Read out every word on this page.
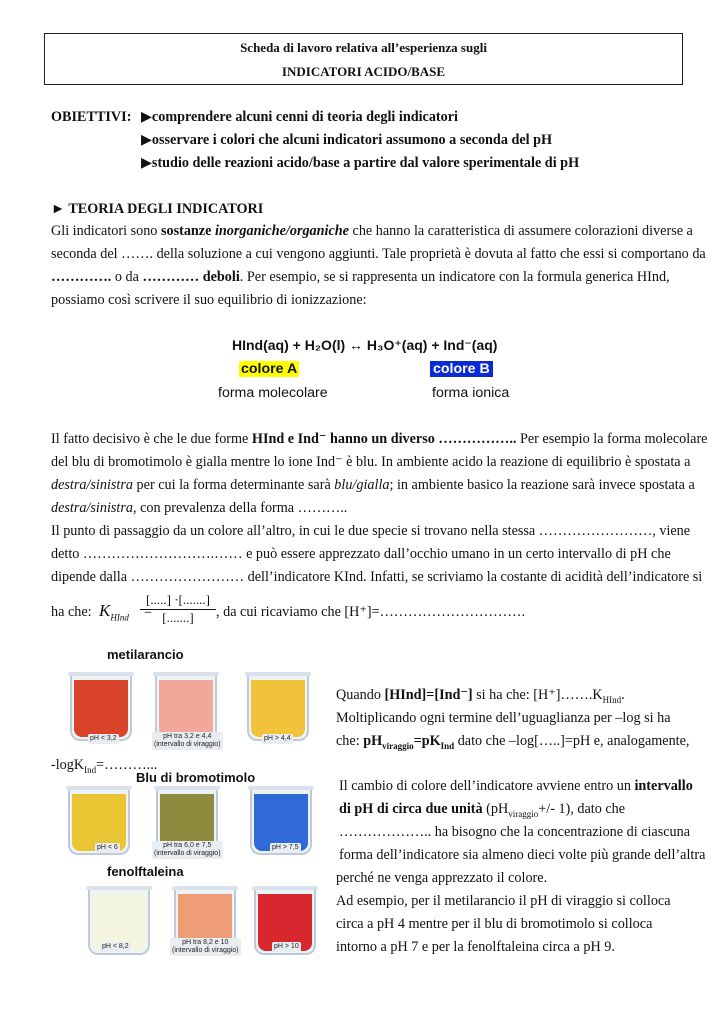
Scheda di lavoro relativa all’esperienza sugli
INDICATORI ACIDO/BASE
OBIETTIVI: ▶comprendere alcuni cenni di teoria degli indicatori
▶osservare i colori che alcuni indicatori assumono a seconda del pH
▶studio delle reazioni acido/base a partire dal valore sperimentale di pH
► TEORIA DEGLI INDICATORI
Gli indicatori sono sostanze inorganiche/organiche che hanno la caratteristica di assumere colorazioni diverse a
seconda del ……. della soluzione a cui vengono aggiunti. Tale proprietà è dovuta al fatto che essi si comportano da
…………. o da ………… deboli. Per esempio, se si rappresenta un indicatore con la formula generica HInd,
possiamo così scrivere il suo equilibrio di ionizzazione:
HInd(aq) + H₂O(l) ↔ H₃O⁺(aq) + Ind⁻(aq)
colore A	colore B
forma molecolare	forma ionica
Il fatto decisivo è che le due forme HInd e Ind⁻ hanno un diverso …………….. Per esempio la forma molecolare
del blu di bromotimolo è gialla mentre lo ione Ind⁻ è blu. In ambiente acido la reazione di equilibrio è spostata a
destra/sinistra per cui la forma determinante sarà blu/gialla; in ambiente basico la reazione sarà invece spostata a
destra/sinistra, con prevalenza della forma ………..
Il punto di passaggio da un colore all’altro, in cui le due specie si trovano nella stessa ……………………, viene
detto ……………………….…… e può essere apprezzato dall’occhio umano in un certo intervallo di pH che
dipende dalla …………………… dell’indicatore KInd. Infatti, se scriviamo la costante di acidità dell’indicatore si
ha che: $K_{HInd}$ =
[.....] ·[.......]
[.......]	, da cui ricaviamo che [H⁺]=………………………….
metilarancio
pH < 3,2	pH tra 3,2 e 4,4
(intervallo di viraggio)
pH > 4,4
Blu di bromotimolo
pH < 6	pH tra 6,0 e 7,5
(intervallo di viraggio)
pH > 7,5
fenolftaleina
pH < 8,2
pH tra 8,2 e 10
(intervallo di viraggio)
pH > 10
Quando [HInd]=[Ind⁻] si ha che: $[H^+]\dots\dots.K_{HInd}$.
Moltiplicando ogni termine dell’uguaglianza per –log si ha
che: $pH_{viraggio}=pK_{Ind}$ dato che –log[…..]=pH e, analogamente,
-logK$_{Ind}$=………...
Il cambio di colore dell’indicatore avviene entro un intervallo
di pH di circa due unità ($pH_{viraggio}+/-$ 1), dato che
……………….. ha bisogno che la concentrazione di ciascuna
forma dell’indicatore sia almeno dieci volte più grande dell’altra
perché ne venga apprezzato il colore.
Ad esempio, per il metilarancio il pH di viraggio si colloca
circa a pH 4 mentre per il blu di bromotimolo si colloca
intorno a pH 7 e per la fenolftaleina circa a pH 9.
